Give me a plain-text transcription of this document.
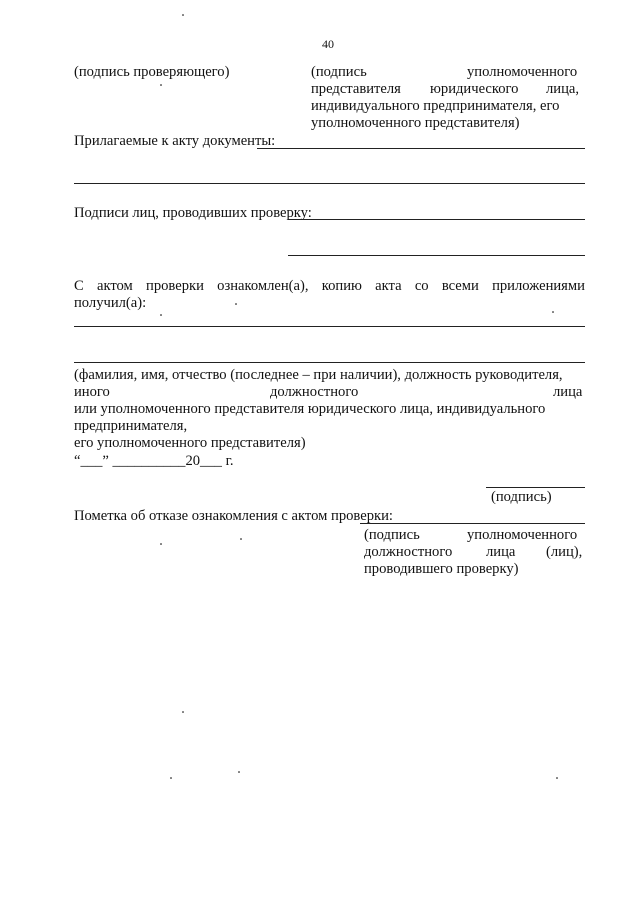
40
(подпись проверяющего)	(подпись	уполномоченного
представителя юридического лица,
индивидуального предпринимателя, его
уполномоченного представителя)
Прилагаемые к акту документы:
Подписи лиц, проводивших проверку:
С актом проверки ознакомлен(а), копию акта со всеми приложениями
получил(а):
(фамилия, имя, отчество (последнее – при наличии), должность руководителя,
иного	должностного	лица
или уполномоченного представителя юридического лица, индивидуального
предпринимателя,
его уполномоченного представителя)
“___” __________20___ г.
(подпись)
Пометка об отказе ознакомления с актом проверки:
(подпись	уполномоченного
должностного лица (лиц),
проводившего проверку)
